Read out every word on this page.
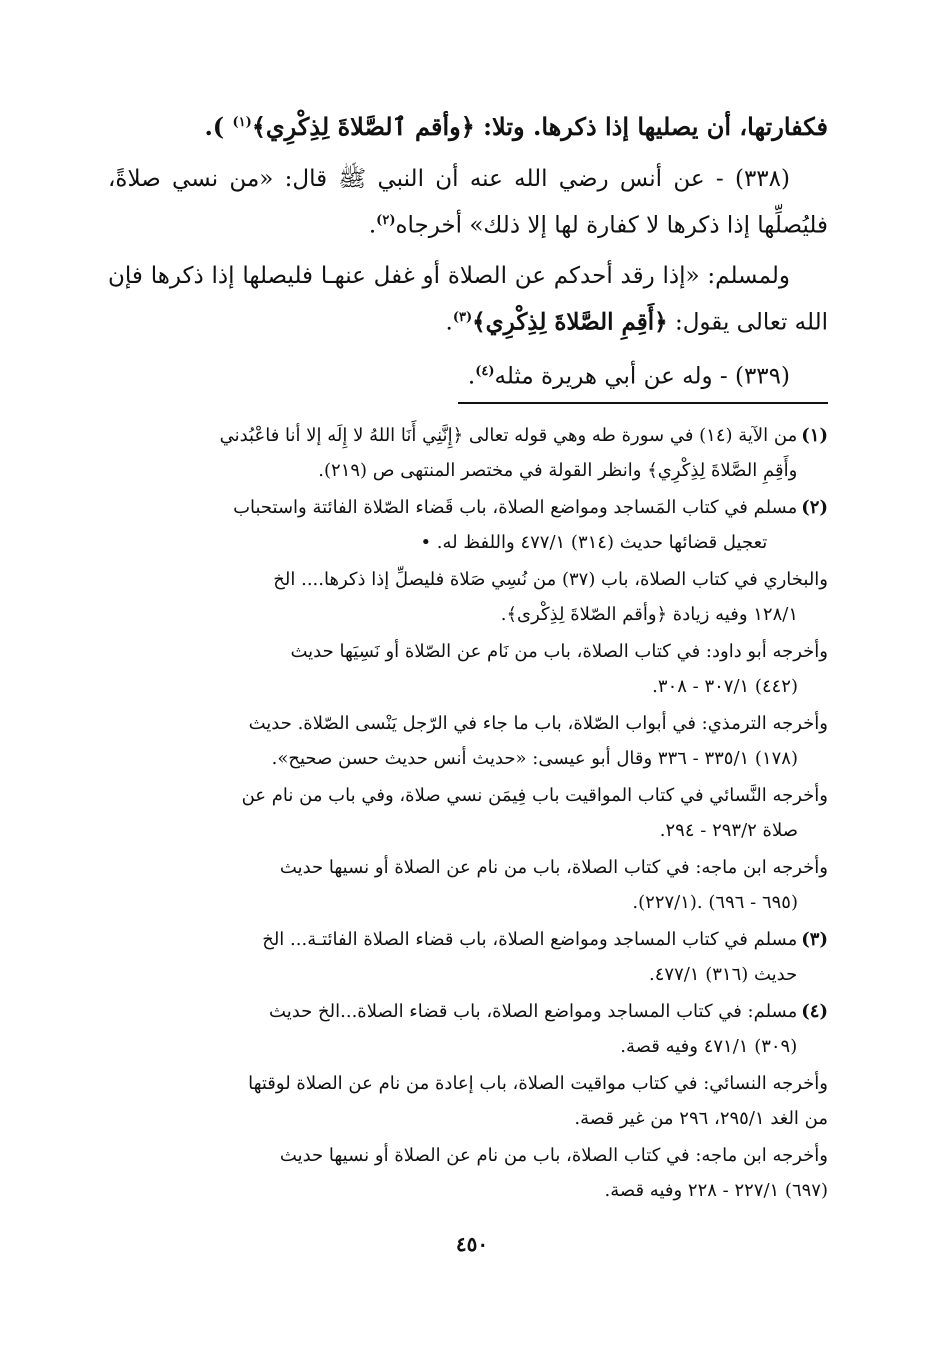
فكفارتها، أن يصليها إذا ذكرها. وتلا: ﴿وأقم ٱلصَّلاةَ لِذِكْرِي﴾$^{(١)}$ ).

(٣٣٨) - عن أنس رضي الله عنه أن النبي ﷺ قال: «من نسي صلاةً، فليُصلِّها إذا ذكرها لا كفارة لها إلا ذلك» أخرجاه$^{(٢)}$.

ولمسلم: «إذا رقد أحدكم عن الصلاة أو غفل عنهـا فليصلها إذا ذكرها فإن الله تعالى يقول: ﴿أَقِمِ الصَّلاةَ لِذِكْرِي﴾$^{(٣)}$.

(٣٣٩) - وله عن أبي هريرة مثله$^{(٤)}$.

(١)
من الآية (١٤) في سورة طه وهي قوله تعالى ﴿إِنَّنِي أَنَا اللهُ لا إِلَه إلا أنا فاعْبُدني
وأَقِمِ الصَّلاةَ لِذِكْرِي﴾ وانظر القولة في مختصر المنتهى ص (٢١٩).
(٢)
مسلم في كتاب المَساجد ومواضع الصلاة، باب قَضاء الصّلاة الفائتة واستحباب
تعجيل قضائها حديث (٣١٤) ٤٧٧/١ واللفظ له. •
والبخاري في كتاب الصلاة، باب (٣٧) من نُسِي صَلاة فليصلِّ إذا ذكرها.... الخ
١٢٨/١ وفيه زيادة ﴿وأقم الصّلاةَ لِذِكْرى﴾.
وأخرجه أبو داود: في كتاب الصلاة، باب من نَام عن الصّلاة أو نَسِيَها حديث
(٤٤٢) ٣٠٧/١ - ٣٠٨.
وأخرجه الترمذي: في أبواب الصّلاة، باب ما جاء في الرّجل يَنْسى الصّلاة. حديث
(١٧٨) ٣٣٥/١ - ٣٣٦ وقال أبو عيسى: «حديث أنس حديث حسن صحيح».
وأخرجه النَّسائي في كتاب المواقيت باب فِيمَن نسي صلاة، وفي باب من نام عن
صلاة ٢٩٣/٢ - ٢٩٤.
وأخرجه ابن ماجه: في كتاب الصلاة، باب من نام عن الصلاة أو نسيها حديث
(٦٩٥ - ٦٩٦) .(٢٢٧/١).
(٣)
مسلم في كتاب المساجد ومواضع الصلاة، باب قضاء الصلاة الفائتـة... الخ
حديث (٣١٦) ٤٧٧/١.
(٤)
مسلم: في كتاب المساجد ومواضع الصلاة، باب قضاء الصلاة...الخ حديث
(٣٠٩) ٤٧١/١ وفيه قصة.
وأخرجه النسائي: في كتاب مواقيت الصلاة، باب إعادة من نام عن الصلاة لوقتها
من الغد ٢٩٥/١، ٢٩٦ من غير قصة.
وأخرجه ابن ماجه: في كتاب الصلاة، باب من نام عن الصلاة أو نسيها حديث
(٦٩٧) ٢٢٧/١ - ٢٢٨ وفيه قصة.
٤٥٠
